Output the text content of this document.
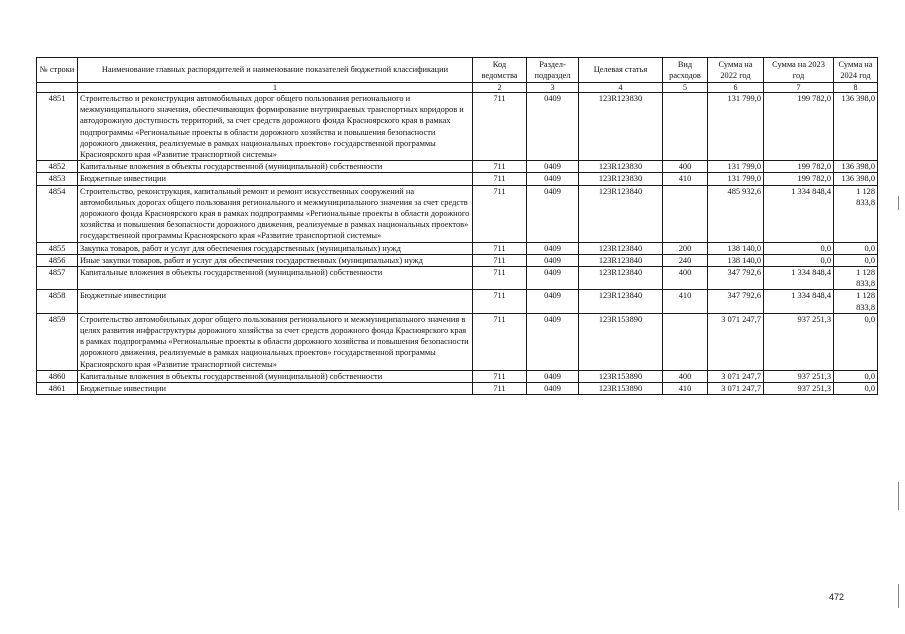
№ строки	Наименование главных распорядителей и наименование показателей бюджетной классификации	Код ведомства	Раздел-подраздел	Целевая статья	Вид расходов	Сумма на 2022 год	Сумма на 2023 год	Сумма на 2024 год
	1	2	3	4	5	6	7	8
4851	Строительство и реконструкция автомобильных дорог общего пользования регионального и межмуниципального значения, обеспечивающих формирование внутрикраевых транспортных коридоров и автодорожную доступность территорий, за счет средств дорожного фонда Красноярского края в рамках подпрограммы «Региональные проекты в области дорожного хозяйства и повышения безопасности дорожного движения, реализуемые в рамках национальных проектов» государственной программы Красноярского края «Развитие транспортной системы»	711	0409	123R123830		131 799,0	199 782,0	136 398,0
4852	Капитальные вложения в объекты государственной (муниципальной) собственности	711	0409	123R123830	400	131 799,0	199 782,0	136 398,0
4853	Бюджетные инвестиции	711	0409	123R123830	410	131 799,0	199 782,0	136 398,0
4854	Строительство, реконструкция, капитальный ремонт и ремонт искусственных сооружений на автомобильных дорогах общего пользования регионального и межмуниципального значения за счет средств дорожного фонда Красноярского края в рамках подпрограммы «Региональные проекты в области дорожного хозяйства и повышения безопасности дорожного движения, реализуемые в рамках национальных проектов» государственной программы Красноярского края «Развитие транспортной системы»	711	0409	123R123840		485 932,6	1 334 848,4	1 128 833,8
4855	Закупка товаров, работ и услуг для обеспечения государственных (муниципальных) нужд	711	0409	123R123840	200	138 140,0	0,0	0,0
4856	Иные закупки товаров, работ и услуг для обеспечения государственных (муниципальных) нужд	711	0409	123R123840	240	138 140,0	0,0	0,0
4857	Капитальные вложения в объекты государственной (муниципальной) собственности	711	0409	123R123840	400	347 792,6	1 334 848,4	1 128 833,8
4858	Бюджетные инвестиции	711	0409	123R123840	410	347 792,6	1 334 848,4	1 128 833,8
4859	Строительство автомобильных дорог общего пользования регионального и межмуниципального значения в целях развития инфраструктуры дорожного хозяйства за счет средств дорожного фонда Красноярского края в рамках подпрограммы «Региональные проекты в области дорожного хозяйства и повышения безопасности дорожного движения, реализуемые в рамках национальных проектов» государственной программы Красноярского края «Развитие транспортной системы»	711	0409	123R153890		3 071 247,7	937 251,3	0,0
4860	Капитальные вложения в объекты государственной (муниципальной) собственности	711	0409	123R153890	400	3 071 247,7	937 251,3	0,0
4861	Бюджетные инвестиции	711	0409	123R153890	410	3 071 247,7	937 251,3	0,0
472
